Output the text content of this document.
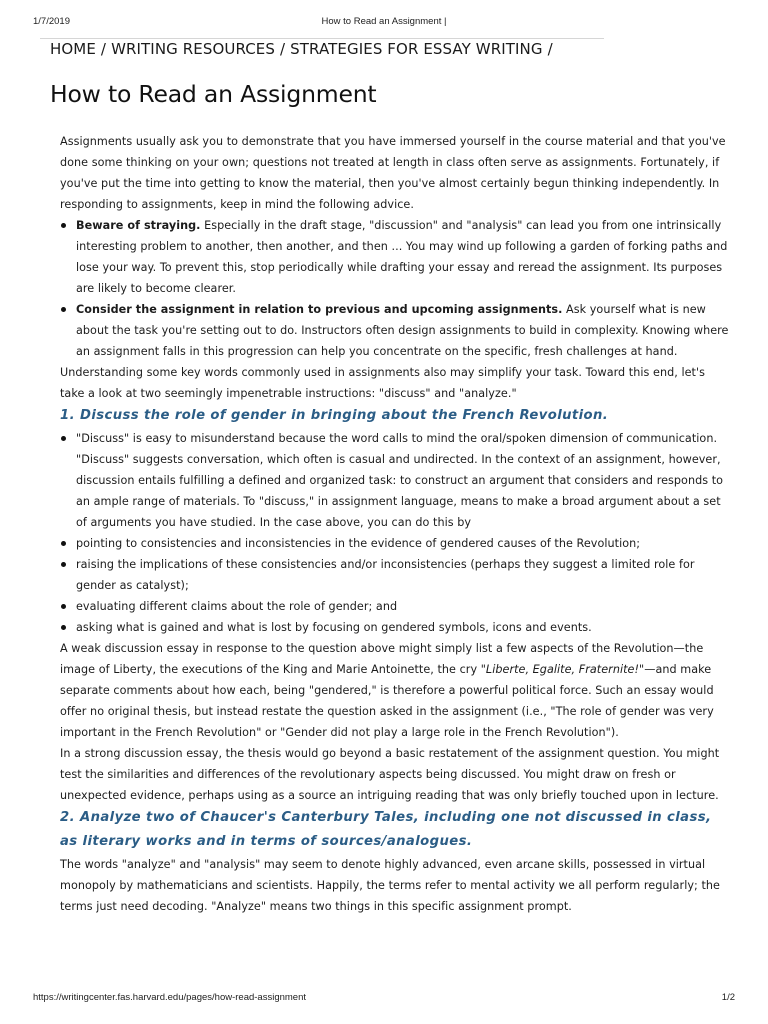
1/7/2019	How to Read an Assignment |
HOME / WRITING RESOURCES / STRATEGIES FOR ESSAY WRITING /
How to Read an Assignment

Assignments usually ask you to demonstrate that you have immersed yourself in the course material and that you've done some thinking on your own; questions not treated at length in class often serve as assignments. Fortunately, if you've put the time into getting to know the material, then you've almost certainly begun thinking independently. In responding to assignments, keep in mind the following advice.

Beware of straying. Especially in the draft stage, "discussion" and "analysis" can lead you from one intrinsically interesting problem to another, then another, and then ... You may wind up following a garden of forking paths and lose your way. To prevent this, stop periodically while drafting your essay and reread the assignment. Its purposes are likely to become clearer.
Consider the assignment in relation to previous and upcoming assignments. Ask yourself what is new about the task you're setting out to do. Instructors often design assignments to build in complexity. Knowing where an assignment falls in this progression can help you concentrate on the specific, fresh challenges at hand.

Understanding some key words commonly used in assignments also may simplify your task. Toward this end, let's take a look at two seemingly impenetrable instructions: "discuss" and "analyze."

1. Discuss the role of gender in bringing about the French Revolution.
"Discuss" is easy to misunderstand because the word calls to mind the oral/spoken dimension of communication. "Discuss" suggests conversation, which often is casual and undirected. In the context of an assignment, however, discussion entails fulfilling a defined and organized task: to construct an argument that considers and responds to an ample range of materials. To "discuss," in assignment language, means to make a broad argument about a set of arguments you have studied. In the case above, you can do this by
pointing to consistencies and inconsistencies in the evidence of gendered causes of the Revolution;
raising the implications of these consistencies and/or inconsistencies (perhaps they suggest a limited role for gender as catalyst);
evaluating different claims about the role of gender; and
asking what is gained and what is lost by focusing on gendered symbols, icons and events.

A weak discussion essay in response to the question above might simply list a few aspects of the Revolution—the image of Liberty, the executions of the King and Marie Antoinette, the cry "Liberte, Egalite, Fraternite!"—and make separate comments about how each, being "gendered," is therefore a powerful political force. Such an essay would offer no original thesis, but instead restate the question asked in the assignment (i.e., "The role of gender was very important in the French Revolution" or "Gender did not play a large role in the French Revolution").

In a strong discussion essay, the thesis would go beyond a basic restatement of the assignment question. You might test the similarities and differences of the revolutionary aspects being discussed. You might draw on fresh or unexpected evidence, perhaps using as a source an intriguing reading that was only briefly touched upon in lecture.

2. Analyze two of Chaucer's Canterbury Tales, including one not discussed in class, as literary works and in terms of sources/analogues.

The words "analyze" and "analysis" may seem to denote highly advanced, even arcane skills, possessed in virtual monopoly by mathematicians and scientists. Happily, the terms refer to mental activity we all perform regularly; the terms just need decoding. "Analyze" means two things in this specific assignment prompt.

https://writingcenter.fas.harvard.edu/pages/how-read-assignment	1/2
